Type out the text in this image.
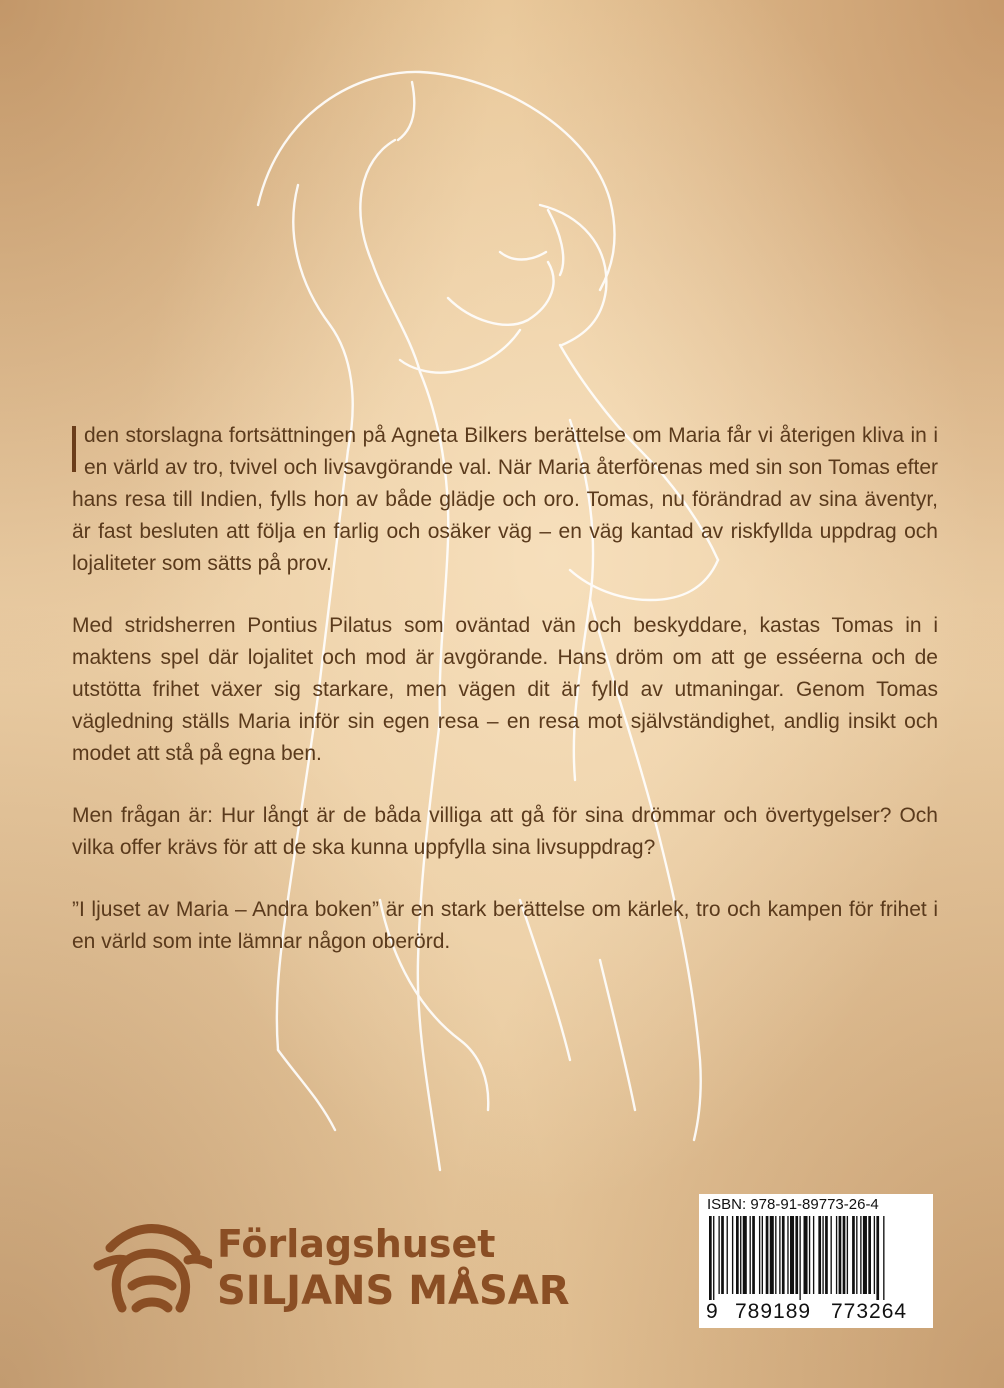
den storslagna fortsättningen på Agneta Bilkers berättelse om Maria får vi återigen kliva in i en värld av tro, tvivel och livsavgörande val. När Maria återförenas med sin son Tomas efter hans resa till Indien, fylls hon av både glädje och oro. Tomas, nu förändrad av sina äventyr, är fast besluten att följa en farlig och osäker väg – en väg kantad av riskfyllda uppdrag och lojaliteter som sätts på prov.

Med stridsherren Pontius Pilatus som oväntad vän och beskyddare, kastas Tomas in i maktens spel där lojalitet och mod är avgörande. Hans dröm om att ge esséerna och de utstötta frihet växer sig starkare, men vägen dit är fylld av utmaningar. Genom Tomas vägledning ställs Maria inför sin egen resa – en resa mot självständighet, andlig insikt och modet att stå på egna ben.

Men frågan är: Hur långt är de båda villiga att gå för sina drömmar och övertygelser? Och vilka offer krävs för att de ska kunna uppfylla sina livsuppdrag?

”I ljuset av Maria – Andra boken” är en stark berättelse om kärlek, tro och kampen för frihet i en värld som inte lämnar någon oberörd.

Förlagshuset
SILJANS MÅSAR
ISBN: 978-91-89773-26-4
9 789189 773264
